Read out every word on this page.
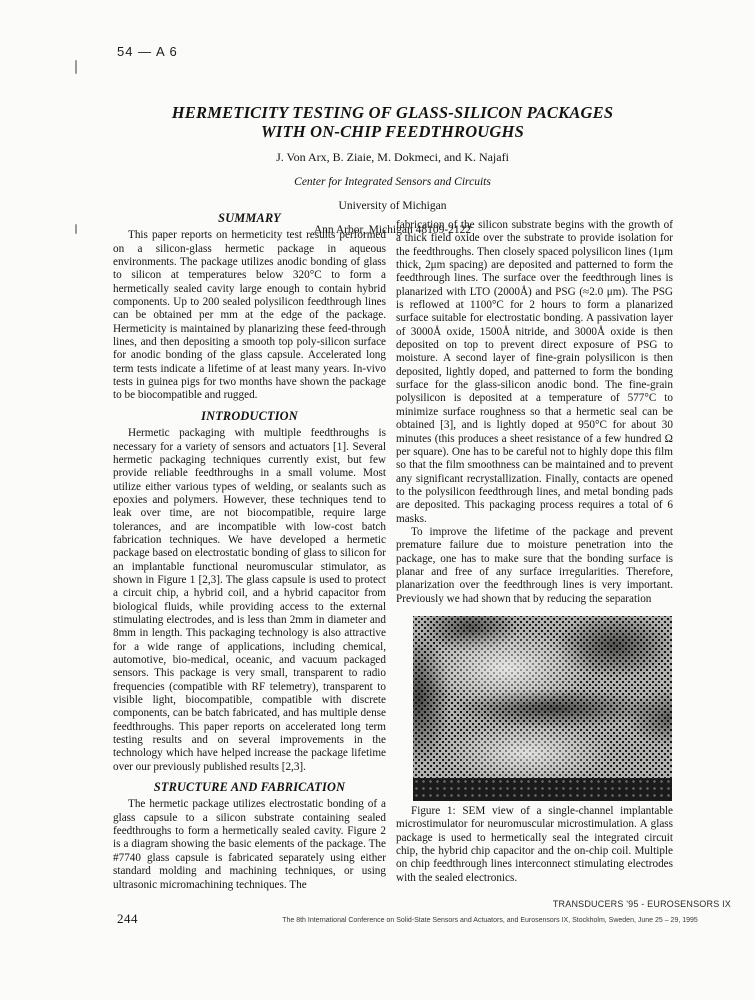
54 — A 6
HERMETICITY TESTING OF GLASS-SILICON PACKAGES
WITH ON-CHIP FEEDTHROUGHS
J. Von Arx, B. Ziaie, M. Dokmeci, and K. Najafi
Center for Integrated Sensors and Circuits
University of Michigan
Ann Arbor, Michigan 48109-2122
SUMMARY
This paper reports on hermeticity test results performed on a silicon-glass hermetic package in aqueous environments. The package utilizes anodic bonding of glass to silicon at temperatures below 320°C to form a hermetically sealed cavity large enough to contain hybrid components. Up to 200 sealed polysilicon feedthrough lines can be obtained per mm at the edge of the package. Hermeticity is maintained by planarizing these feed-through lines, and then depositing a smooth top poly-silicon surface for anodic bonding of the glass capsule. Accelerated long term tests indicate a lifetime of at least many years. In-vivo tests in guinea pigs for two months have shown the package to be biocompatible and rugged.
INTRODUCTION
Hermetic packaging with multiple feedthroughs is necessary for a variety of sensors and actuators [1]. Several hermetic packaging techniques currently exist, but few provide reliable feedthroughs in a small volume. Most utilize either various types of welding, or sealants such as epoxies and polymers. However, these techniques tend to leak over time, are not biocompatible, require large tolerances, and are incompatible with low-cost batch fabrication techniques. We have developed a hermetic package based on electrostatic bonding of glass to silicon for an implantable functional neuromuscular stimulator, as shown in Figure 1 [2,3]. The glass capsule is used to protect a circuit chip, a hybrid coil, and a hybrid capacitor from biological fluids, while providing access to the external stimulating electrodes, and is less than 2mm in diameter and 8mm in length. This packaging technology is also attractive for a wide range of applications, including chemical, automotive, bio-medical, oceanic, and vacuum packaged sensors. This package is very small, transparent to radio frequencies (compatible with RF telemetry), transparent to visible light, biocompatible, compatible with discrete components, can be batch fabricated, and has multiple dense feedthroughs. This paper reports on accelerated long term testing results and on several improvements in the technology which have helped increase the package lifetime over our previously published results [2,3].
STRUCTURE AND FABRICATION
The hermetic package utilizes electrostatic bonding of a glass capsule to a silicon substrate containing sealed feedthroughs to form a hermetically sealed cavity. Figure 2 is a diagram showing the basic elements of the package. The #7740 glass capsule is fabricated separately using either standard molding and machining techniques, or using ultrasonic micromachining techniques. The
fabrication of the silicon substrate begins with the growth of a thick field oxide over the substrate to provide isolation for the feedthroughs. Then closely spaced polysilicon lines (1μm thick, 2μm spacing) are deposited and patterned to form the feedthrough lines. The surface over the feedthrough lines is planarized with LTO (2000Å) and PSG (≈2.0 μm). The PSG is reflowed at 1100°C for 2 hours to form a planarized surface suitable for electrostatic bonding. A passivation layer of 3000Å oxide, 1500Å nitride, and 3000Å oxide is then deposited on top to prevent direct exposure of PSG to moisture. A second layer of fine-grain polysilicon is then deposited, lightly doped, and patterned to form the bonding surface for the glass-silicon anodic bond. The fine-grain polysilicon is deposited at a temperature of 577°C to minimize surface roughness so that a hermetic seal can be obtained [3], and is lightly doped at 950°C for about 30 minutes (this produces a sheet resistance of a few hundred Ω per square). One has to be careful not to highly dope this film so that the film smoothness can be maintained and to prevent any significant recrystallization. Finally, contacts are opened to the polysilicon feedthrough lines, and metal bonding pads are deposited. This packaging process requires a total of 6 masks.
To improve the lifetime of the package and prevent premature failure due to moisture penetration into the package, one has to make sure that the bonding surface is planar and free of any surface irregularities. Therefore, planarization over the feedthrough lines is very important. Previously we had shown that by reducing the separation
Figure 1: SEM view of a single-channel implantable microstimulator for neuromuscular microstimulation. A glass package is used to hermetically seal the integrated circuit chip, the hybrid chip capacitor and the on-chip coil. Multiple on chip feedthrough lines interconnect stimulating electrodes with the sealed electronics.
244
TRANSDUCERS '95 - EUROSENSORS IX
The 8th International Conference on Solid-State Sensors and Actuators, and Eurosensors IX, Stockholm, Sweden, June 25 – 29, 1995
